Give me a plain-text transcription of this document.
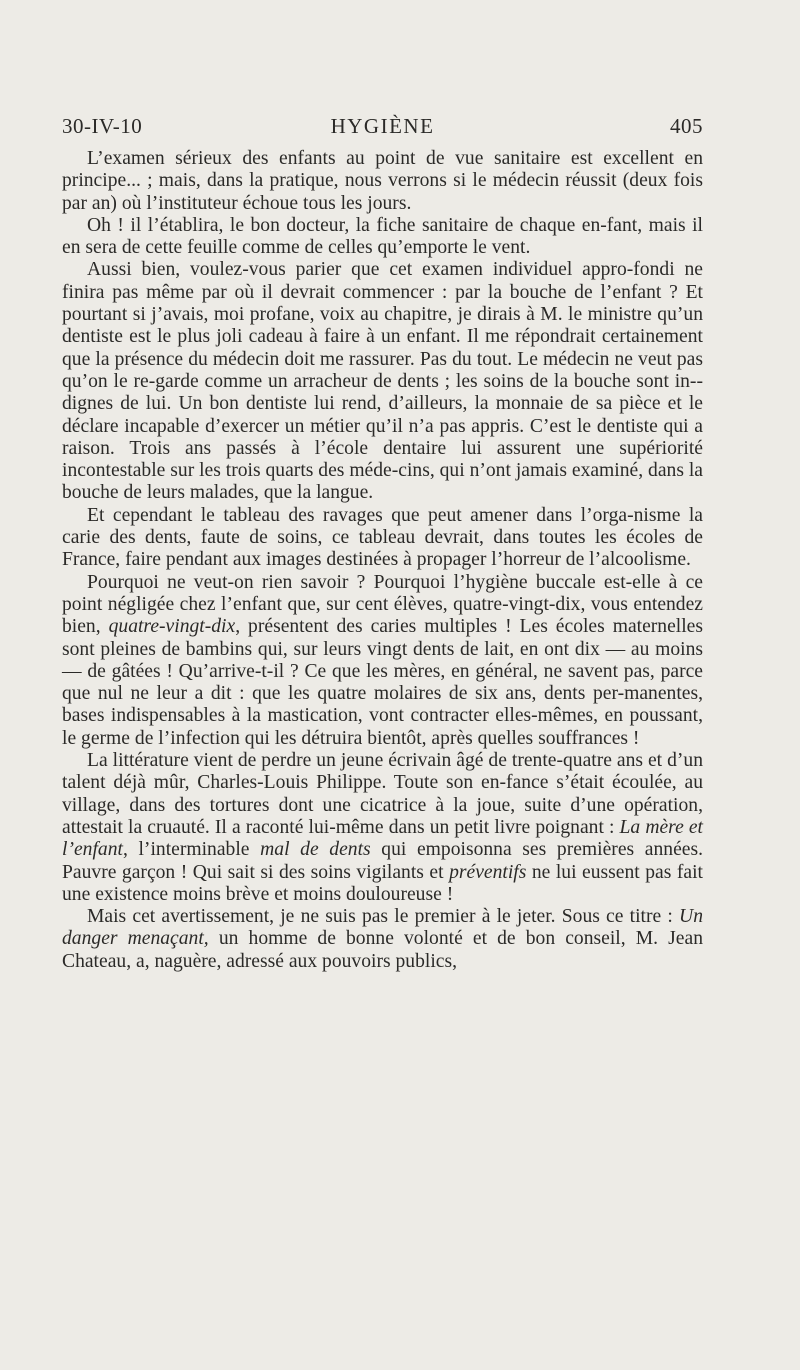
30-IV-10	HYGIÈNE	405

L’examen sérieux des enfants au point de vue sanitaire est excellent en principe... ; mais, dans la pratique, nous verrons si le médecin réussit (deux fois par an) où l’instituteur échoue tous les jours.

Oh ! il l’établira, le bon docteur, la fiche sanitaire de chaque en-fant, mais il en sera de cette feuille comme de celles qu’emporte le vent.

Aussi bien, voulez-vous parier que cet examen individuel appro-fondi ne finira pas même par où il devrait commencer : par la bouche de l’enfant ? Et pourtant si j’avais, moi profane, voix au chapitre, je dirais à M. le ministre qu’un dentiste est le plus joli cadeau à faire à un enfant. Il me répondrait certainement que la présence du médecin doit me rassurer. Pas du tout. Le médecin ne veut pas qu’on le re-garde comme un arracheur de dents ; les soins de la bouche sont in-dignes de lui. Un bon dentiste lui rend, d’ailleurs, la monnaie de sa pièce et le déclare incapable d’exercer un métier qu’il n’a pas appris. C’est le dentiste qui a raison. Trois ans passés à l’école dentaire lui assurent une supériorité incontestable sur les trois quarts des méde-cins, qui n’ont jamais examiné, dans la bouche de leurs malades, que la langue.

Et cependant le tableau des ravages que peut amener dans l’orga-nisme la carie des dents, faute de soins, ce tableau devrait, dans toutes les écoles de France, faire pendant aux images destinées à propager l’horreur de l’alcoolisme.

Pourquoi ne veut-on rien savoir ? Pourquoi l’hygiène buccale est-elle à ce point négligée chez l’enfant que, sur cent élèves, quatre-vingt-dix, vous entendez bien, quatre-vingt-dix, présentent des caries multiples ! Les écoles maternelles sont pleines de bambins qui, sur leurs vingt dents de lait, en ont dix — au moins — de gâtées ! Qu’arrive-t-il ? Ce que les mères, en général, ne savent pas, parce que nul ne leur a dit : que les quatre molaires de six ans, dents per-manentes, bases indispensables à la mastication, vont contracter elles-mêmes, en poussant, le germe de l’infection qui les détruira bientôt, après quelles souffrances !

La littérature vient de perdre un jeune écrivain âgé de trente-quatre ans et d’un talent déjà mûr, Charles-Louis Philippe. Toute son en-fance s’était écoulée, au village, dans des tortures dont une cicatrice à la joue, suite d’une opération, attestait la cruauté. Il a raconté lui-même dans un petit livre poignant : La mère et l’enfant, l’interminable mal de dents qui empoisonna ses premières années. Pauvre garçon ! Qui sait si des soins vigilants et préventifs ne lui eussent pas fait une existence moins brève et moins douloureuse !

Mais cet avertissement, je ne suis pas le premier à le jeter. Sous ce titre : Un danger menaçant, un homme de bonne volonté et de bon conseil, M. Jean Chateau, a, naguère, adressé aux pouvoirs publics,
